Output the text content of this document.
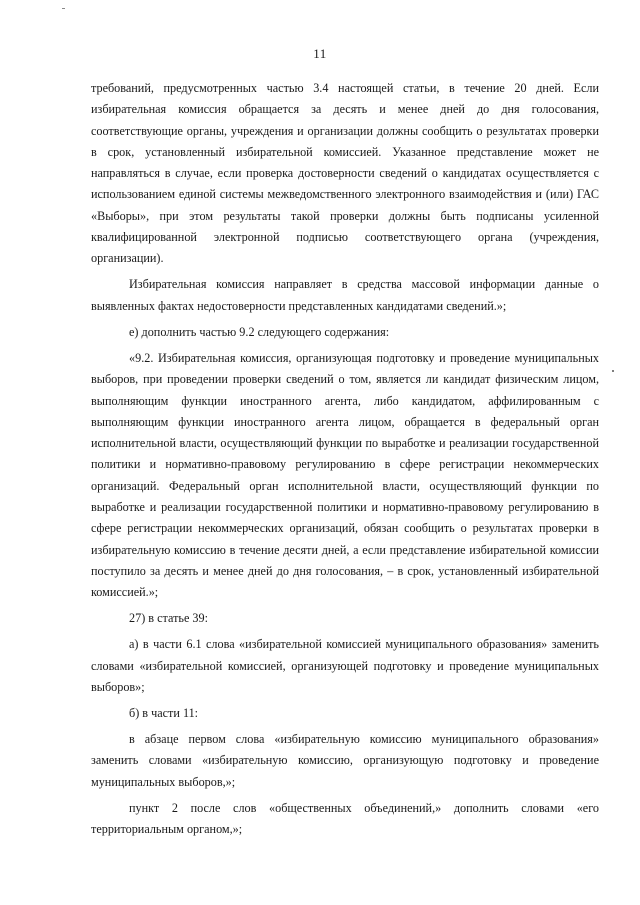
11

требований, предусмотренных частью 3.4 настоящей статьи, в течение 20 дней. Если избирательная комиссия обращается за десять и менее дней до дня голосования, соответствующие органы, учреждения и организации должны сообщить о результатах проверки в срок, установленный избирательной комиссией. Указанное представление может не направляться в случае, если проверка достоверности сведений о кандидатах осуществляется с использованием единой системы межведомственного электронного взаимодействия и (или) ГАС «Выборы», при этом результаты такой проверки должны быть подписаны усиленной квалифицированной электронной подписью соответствующего органа (учреждения, организации).

Избирательная комиссия направляет в средства массовой информации данные о выявленных фактах недостоверности представленных кандидатами сведений.»;

е) дополнить частью 9.2 следующего содержания:

«9.2. Избирательная комиссия, организующая подготовку и проведение муниципальных выборов, при проведении проверки сведений о том, является ли кандидат физическим лицом, выполняющим функции иностранного агента, либо кандидатом, аффилированным с выполняющим функции иностранного агента лицом, обращается в федеральный орган исполнительной власти, осуществляющий функции по выработке и реализации государственной политики и нормативно-правовому регулированию в сфере регистрации некоммерческих организаций. Федеральный орган исполнительной власти, осуществляющий функции по выработке и реализации государственной политики и нормативно-правовому регулированию в сфере регистрации некоммерческих организаций, обязан сообщить о результатах проверки в избирательную комиссию в течение десяти дней, а если представление избирательной комиссии поступило за десять и менее дней до дня голосования, – в срок, установленный избирательной комиссией.»;

27) в статье 39:

а) в части 6.1 слова «избирательной комиссией муниципального образования» заменить словами «избирательной комиссией, организующей подготовку и проведение муниципальных выборов»;

б) в части 11:

в абзаце первом слова «избирательную комиссию муниципального образования» заменить словами «избирательную комиссию, организующую подготовку и проведение муниципальных выборов,»;

пункт 2 после слов «общественных объединений,» дополнить словами «его территориальным органом,»;
